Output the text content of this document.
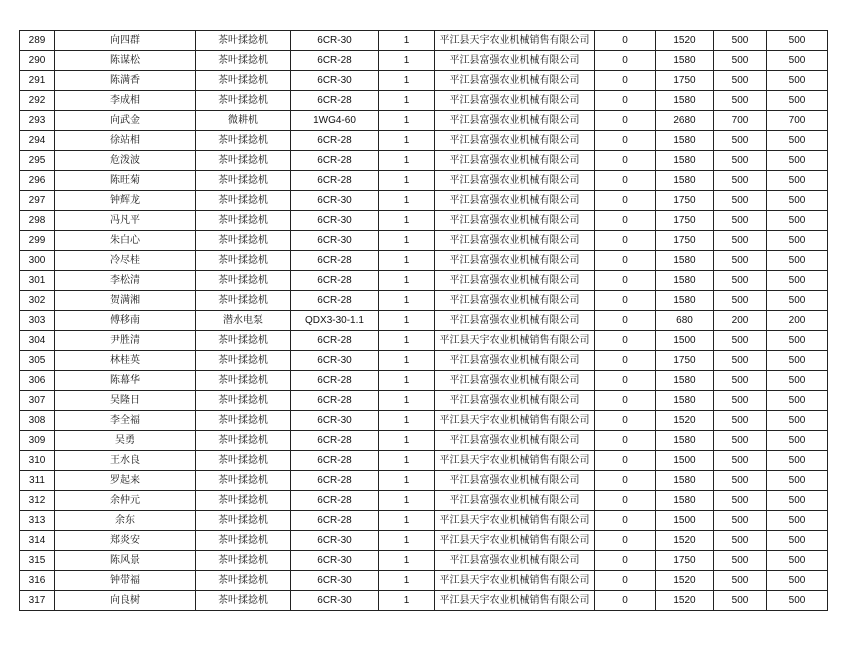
289	向四群	茶叶揉捻机	6CR-30	1	平江县天宇农业机械销售有限公司	0	1520	500	500
290	陈谋松	茶叶揉捻机	6CR-28	1	平江县富强农业机械有限公司	0	1580	500	500
291	陈满香	茶叶揉捻机	6CR-30	1	平江县富强农业机械有限公司	0	1750	500	500
292	李成相	茶叶揉捻机	6CR-28	1	平江县富强农业机械有限公司	0	1580	500	500
293	向武金	微耕机	1WG4-60	1	平江县富强农业机械有限公司	0	2680	700	700
294	徐站相	茶叶揉捻机	6CR-28	1	平江县富强农业机械有限公司	0	1580	500	500
295	危泼波	茶叶揉捻机	6CR-28	1	平江县富强农业机械有限公司	0	1580	500	500
296	陈旺菊	茶叶揉捻机	6CR-28	1	平江县富强农业机械有限公司	0	1580	500	500
297	钟辉龙	茶叶揉捻机	6CR-30	1	平江县富强农业机械有限公司	0	1750	500	500
298	冯凡平	茶叶揉捻机	6CR-30	1	平江县富强农业机械有限公司	0	1750	500	500
299	朱白心	茶叶揉捻机	6CR-30	1	平江县富强农业机械有限公司	0	1750	500	500
300	冷尽桂	茶叶揉捻机	6CR-28	1	平江县富强农业机械有限公司	0	1580	500	500
301	李松清	茶叶揉捻机	6CR-28	1	平江县富强农业机械有限公司	0	1580	500	500
302	贺满湘	茶叶揉捻机	6CR-28	1	平江县富强农业机械有限公司	0	1580	500	500
303	傅移南	潜水电泵	QDX3-30-1.1	1	平江县富强农业机械有限公司	0	680	200	200
304	尹胜清	茶叶揉捻机	6CR-28	1	平江县天宇农业机械销售有限公司	0	1500	500	500
305	林桂英	茶叶揉捻机	6CR-30	1	平江县富强农业机械有限公司	0	1750	500	500
306	陈幕华	茶叶揉捻机	6CR-28	1	平江县富强农业机械有限公司	0	1580	500	500
307	吴隆日	茶叶揉捻机	6CR-28	1	平江县富强农业机械有限公司	0	1580	500	500
308	李全福	茶叶揉捻机	6CR-30	1	平江县天宇农业机械销售有限公司	0	1520	500	500
309	吴勇	茶叶揉捻机	6CR-28	1	平江县富强农业机械有限公司	0	1580	500	500
310	王水良	茶叶揉捻机	6CR-28	1	平江县天宇农业机械销售有限公司	0	1500	500	500
311	罗起来	茶叶揉捻机	6CR-28	1	平江县富强农业机械有限公司	0	1580	500	500
312	余仲元	茶叶揉捻机	6CR-28	1	平江县富强农业机械有限公司	0	1580	500	500
313	余东	茶叶揉捻机	6CR-28	1	平江县天宇农业机械销售有限公司	0	1500	500	500
314	郑炎安	茶叶揉捻机	6CR-30	1	平江县天宇农业机械销售有限公司	0	1520	500	500
315	陈风景	茶叶揉捻机	6CR-30	1	平江县富强农业机械有限公司	0	1750	500	500
316	钟带福	茶叶揉捻机	6CR-30	1	平江县天宇农业机械销售有限公司	0	1520	500	500
317	向良树	茶叶揉捻机	6CR-30	1	平江县天宇农业机械销售有限公司	0	1520	500	500
